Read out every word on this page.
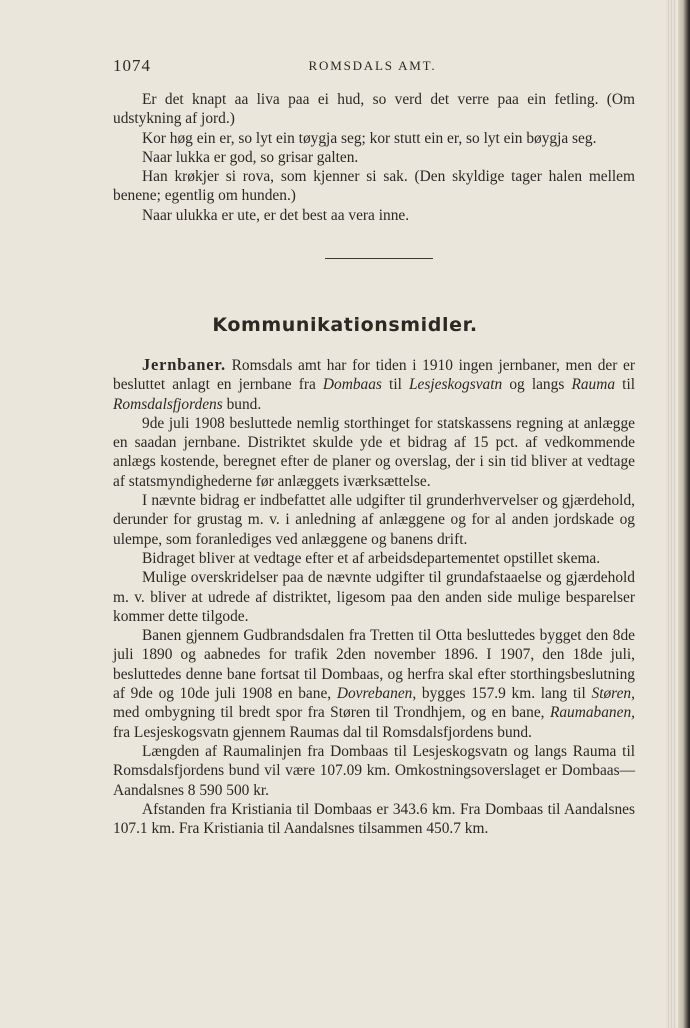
1074	ROMSDALS AMT.

Er det knapt aa liva paa ei hud, so verd det verre paa ein fetling. (Om udstykning af jord.)

Kor høg ein er, so lyt ein tøygja seg; kor stutt ein er, so lyt ein bøygja seg.

Naar lukka er god, so grisar galten.

Han krøkjer si rova, som kjenner si sak. (Den skyldige tager halen mellem benene; egentlig om hunden.)

Naar ulukka er ute, er det best aa vera inne.

Kommunikationsmidler.

Jernbaner. Romsdals amt har for tiden i 1910 ingen jernbaner, men der er besluttet anlagt en jernbane fra Dombaas til Lesjeskogsvatn og langs Rauma til Romsdalsfjordens bund.

9de juli 1908 besluttede nemlig storthinget for statskassens regning at anlægge en saadan jernbane. Distriktet skulde yde et bidrag af 15 pct. af vedkommende anlægs kostende, beregnet efter de planer og overslag, der i sin tid bliver at vedtage af statsmyndighederne før anlæggets iværksættelse.

I nævnte bidrag er indbefattet alle udgifter til grunderhvervelser og gjærdehold, derunder for grustag m. v. i anledning af anlæggene og for al anden jordskade og ulempe, som foranlediges ved anlæggene og banens drift.

Bidraget bliver at vedtage efter et af arbeidsdepartementet opstillet skema.

Mulige overskridelser paa de nævnte udgifter til grundafstaaelse og gjærdehold m. v. bliver at udrede af distriktet, ligesom paa den anden side mulige besparelser kommer dette tilgode.

Banen gjennem Gudbrandsdalen fra Tretten til Otta besluttedes bygget den 8de juli 1890 og aabnedes for trafik 2den november 1896. I 1907, den 18de juli, besluttedes denne bane fortsat til Dombaas, og herfra skal efter storthingsbeslutning af 9de og 10de juli 1908 en bane, Dovrebanen, bygges 157.9 km. lang til Støren, med ombygning til bredt spor fra Støren til Trondhjem, og en bane, Raumabanen, fra Lesjeskogsvatn gjennem Raumas dal til Romsdalsfjordens bund.

Længden af Raumalinjen fra Dombaas til Lesjeskogsvatn og langs Rauma til Romsdalsfjordens bund vil være 107.09 km. Omkostningsoverslaget er Dombaas—Aandalsnes 8 590 500 kr.

Afstanden fra Kristiania til Dombaas er 343.6 km. Fra Dombaas til Aandalsnes 107.1 km. Fra Kristiania til Aandalsnes tilsammen 450.7 km.
